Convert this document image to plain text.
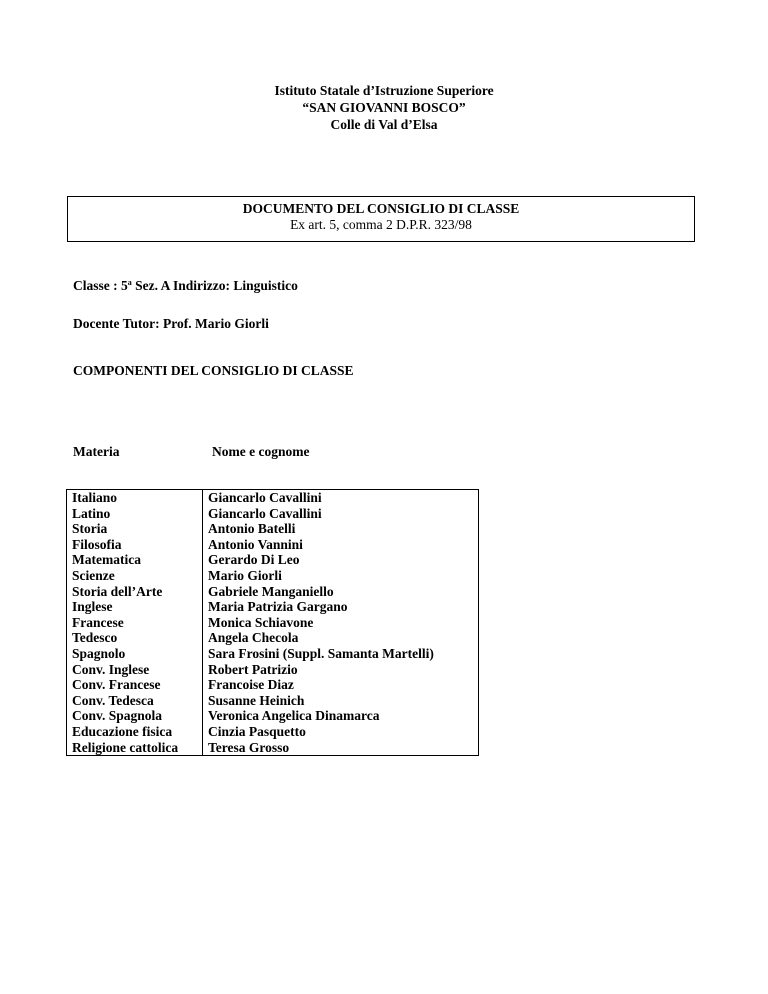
Istituto Statale d’Istruzione Superiore
“SAN GIOVANNI BOSCO”
Colle di Val d’Elsa
DOCUMENTO DEL CONSIGLIO DI CLASSE
Ex art. 5, comma 2 D.P.R. 323/98
Classe : 5$^a$ Sez. A Indirizzo: Linguistico
Docente Tutor: Prof. Mario Giorli
COMPONENTI DEL CONSIGLIO DI CLASSE
Materia	Nome e cognome
Italiano	Giancarlo Cavallini
Latino	Giancarlo Cavallini
Storia	Antonio Batelli
Filosofia	Antonio Vannini
Matematica	Gerardo Di Leo
Scienze	Mario Giorli
Storia dell’Arte	Gabriele Manganiello
Inglese	Maria Patrizia Gargano
Francese	Monica Schiavone
Tedesco	Angela Checola
Spagnolo	Sara Frosini (Suppl. Samanta Martelli)
Conv. Inglese	Robert Patrizio
Conv. Francese	Francoise Diaz
Conv. Tedesca	Susanne Heinich
Conv. Spagnola	Veronica Angelica Dinamarca
Educazione fisica	Cinzia Pasquetto
Religione cattolica	Teresa Grosso
